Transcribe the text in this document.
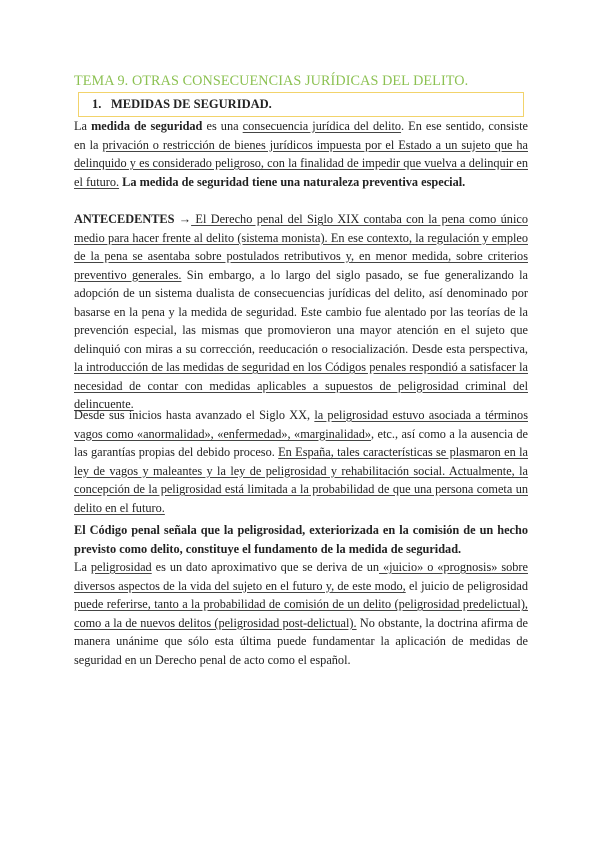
TEMA 9. OTRAS CONSECUENCIAS JURÍDICAS DEL DELITO.
1. MEDIDAS DE SEGURIDAD.

La medida de seguridad es una consecuencia jurídica del delito. En ese sentido, consiste en la privación o restricción de bienes jurídicos impuesta por el Estado a un sujeto que ha delinquido y es considerado peligroso, con la finalidad de impedir que vuelva a delinquir en el futuro. La medida de seguridad tiene una naturaleza preventiva especial.

ANTECEDENTES → El Derecho penal del Siglo XIX contaba con la pena como único medio para hacer frente al delito (sistema monista). En ese contexto, la regulación y empleo de la pena se asentaba sobre postulados retributivos y, en menor medida, sobre criterios preventivo generales. Sin embargo, a lo largo del siglo pasado, se fue generalizando la adopción de un sistema dualista de consecuencias jurídicas del delito, así denominado por basarse en la pena y la medida de seguridad. Este cambio fue alentado por las teorías de la prevención especial, las mismas que promovieron una mayor atención en el sujeto que delinquió con miras a su corrección, reeducación o resocialización. Desde esta perspectiva, la introducción de las medidas de seguridad en los Códigos penales respondió a satisfacer la necesidad de contar con medidas aplicables a supuestos de peligrosidad criminal del delincuente.

Desde sus inicios hasta avanzado el Siglo XX, la peligrosidad estuvo asociada a términos vagos como «anormalidad», «enfermedad», «marginalidad», etc., así como a la ausencia de las garantías propias del debido proceso. En España, tales características se plasmaron en la ley de vagos y maleantes y la ley de peligrosidad y rehabilitación social. Actualmente, la concepción de la peligrosidad está limitada a la probabilidad de que una persona cometa un delito en el futuro.

El Código penal señala que la peligrosidad, exteriorizada en la comisión de un hecho previsto como delito, constituye el fundamento de la medida de seguridad.

La peligrosidad es un dato aproximativo que se deriva de un «juicio» o «prognosis» sobre diversos aspectos de la vida del sujeto en el futuro y, de este modo, el juicio de peligrosidad puede referirse, tanto a la probabilidad de comisión de un delito (peligrosidad predelictual), como a la de nuevos delitos (peligrosidad post-delictual). No obstante, la doctrina afirma de manera unánime que sólo esta última puede fundamentar la aplicación de medidas de seguridad en un Derecho penal de acto como el español.
